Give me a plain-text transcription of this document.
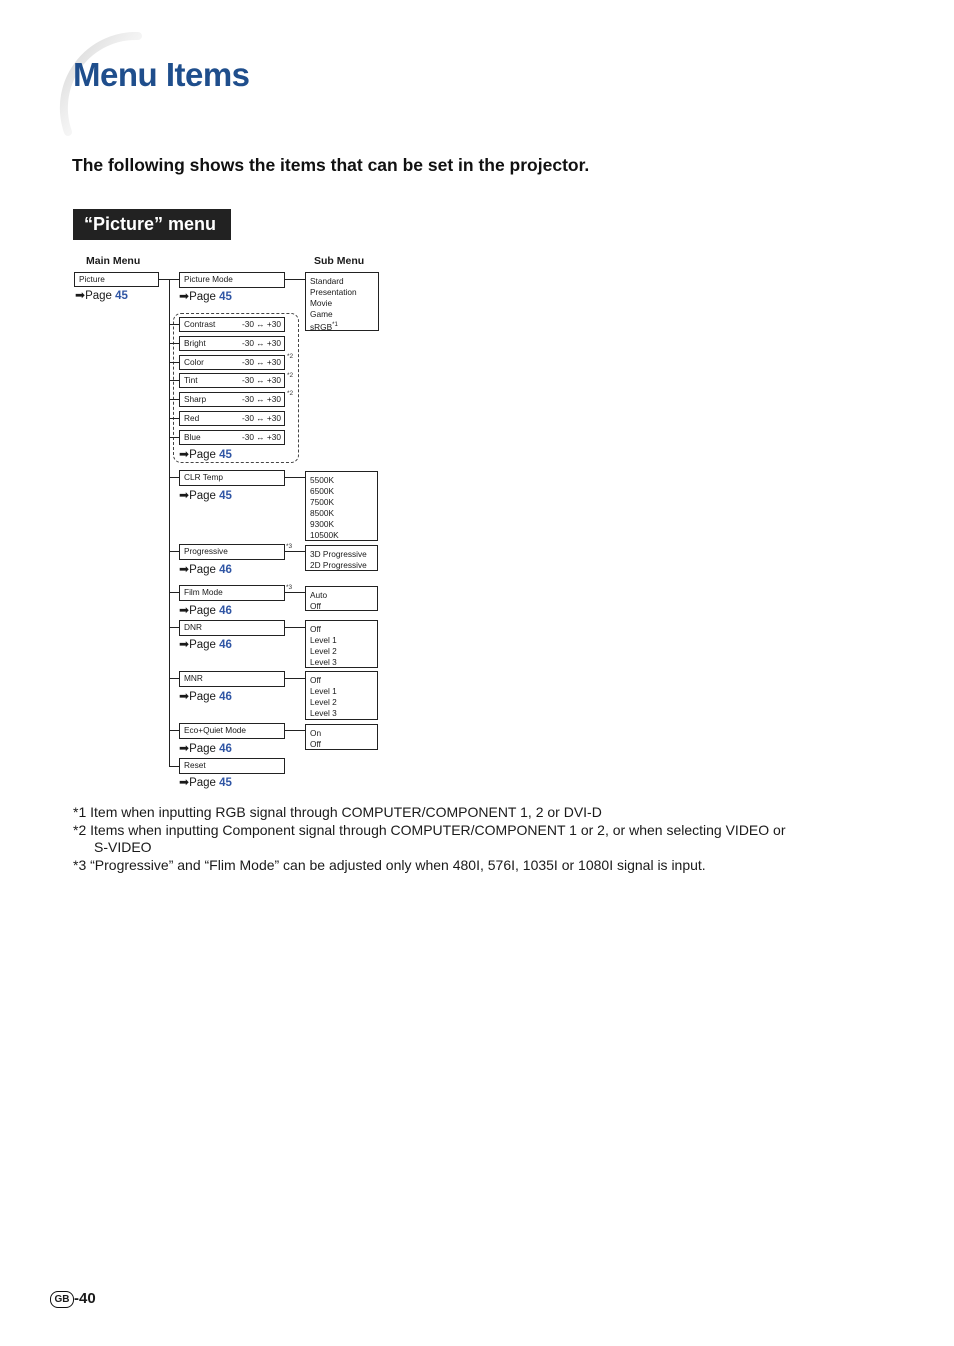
Menu Items
The following shows the items that can be set in the projector.
“Picture” menu
Main Menu	Sub Menu
Picture
➡Page 45
Picture Mode
➡Page 45
Standard
Presentation
Movie
Game
sRGB$^{*1}$
Contrast	-30 ↔ +30
Bright	-30 ↔ +30
Color	-30 ↔ +30
*2
Tint	-30 ↔ +30 *2
Sharp	-30 ↔ +30
*2
Red	-30 ↔ +30
Blue	-30 ↔ +30
➡Page 45
CLR Temp
➡Page 45
5500K
6500K
7500K
8500K
9300K
10500K
Progressive	*3
➡Page 46
3D Progressive
2D Progressive
Film Mode	*3
➡Page 46
Auto
Off
DNR
➡Page 46
Off
Level 1
Level 2
Level 3
MNR
➡Page 46
Off
Level 1
Level 2
Level 3
Eco+Quiet Mode
➡Page 46
On
Off
Reset
➡Page 45
*1 Item when inputting RGB signal through COMPUTER/COMPONENT 1, 2 or DVI-D
*2 Items when inputting Component signal through COMPUTER/COMPONENT 1 or 2, or when selecting VIDEO or
S-VIDEO
*3 “Progressive” and “Flim Mode” can be adjusted only when 480I, 576I, 1035I or 1080I signal is input.
GB -40
